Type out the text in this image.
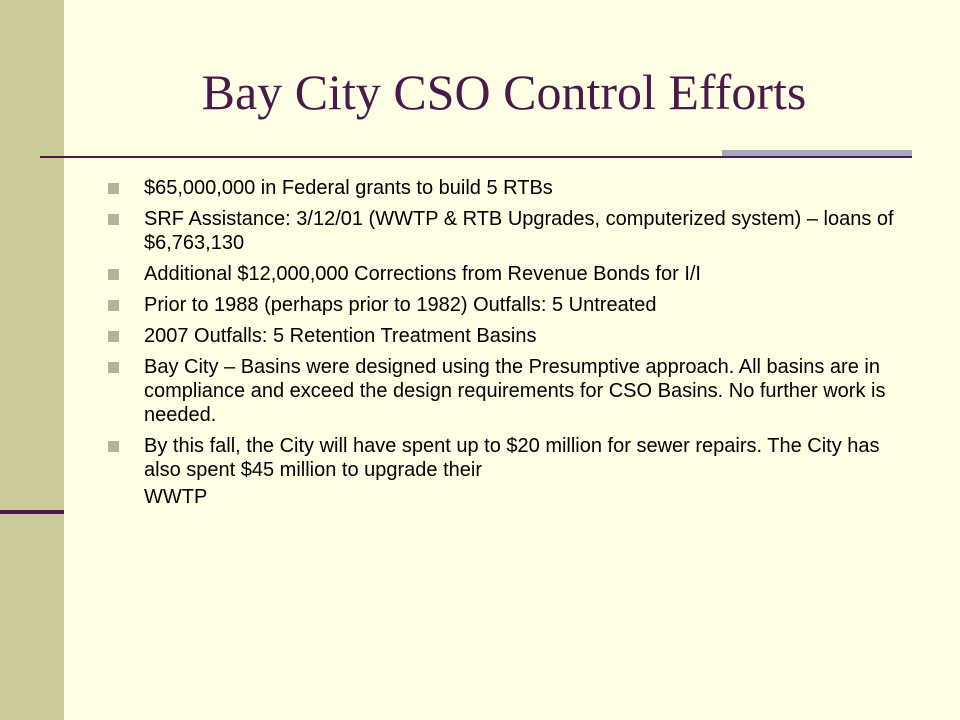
Bay City CSO Control Efforts
$65,000,000 in Federal grants to build 5 RTBs
SRF Assistance: 3/12/01 (WWTP & RTB Upgrades, computerized system) – loans of $6,763,130
Additional $12,000,000 Corrections from Revenue Bonds for I/I
Prior to 1988 (perhaps prior to 1982) Outfalls: 5 Untreated
2007 Outfalls: 5 Retention Treatment Basins
Bay City – Basins were designed using the Presumptive approach. All basins are in compliance and exceed the design requirements for CSO Basins. No further work is needed.
By this fall, the City will have spent up to $20 million for sewer repairs. The City has also spent $45 million to upgrade their
WWTP
